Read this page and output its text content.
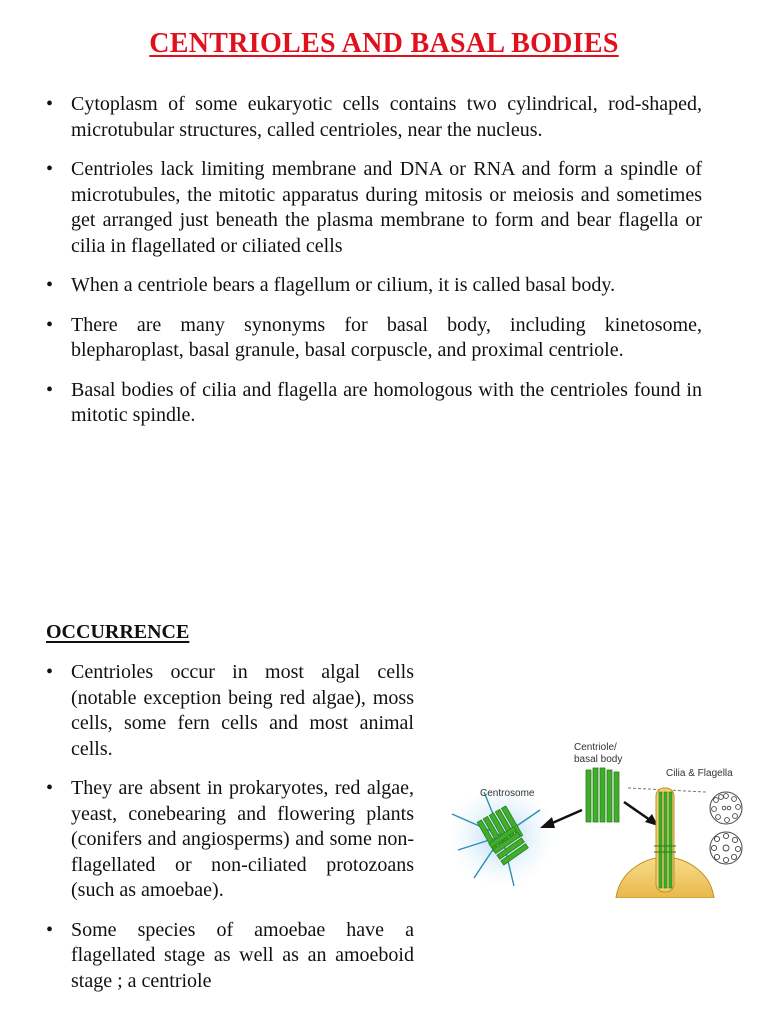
CENTRIOLES AND BASAL BODIES
• Cytoplasm of some eukaryotic cells contains two cylindrical, rod-shaped, microtubular structures, called centrioles, near the nucleus.
• Centrioles lack limiting membrane and DNA or RNA and form a spindle of microtubules, the mitotic apparatus during mitosis or meiosis and sometimes get arranged just beneath the plasma membrane to form and bear flagella or cilia in flagellated or ciliated cells
• When a centriole bears a flagellum or cilium, it is called basal body.
• There are many synonyms for basal body, including kinetosome, blepharoplast, basal granule, basal corpuscle, and proximal centriole.
• Basal bodies of cilia and flagella are homologous with the centrioles found in mitotic spindle.
OCCURRENCE
• Centrioles occur in most algal cells (notable exception being red algae), moss cells, some fern cells and most animal cells.
• They are absent in prokaryotes, red algae, yeast, conebearing and flowering plants (conifers and angiosperms) and some non-flagellated or non-ciliated protozoans (such as amoebae).
• Some species of amoebae have a flagellated stage as well as an amoeboid stage ; a centriole
Centrosome
Centriole/
basal body
Cilia & Flagella
